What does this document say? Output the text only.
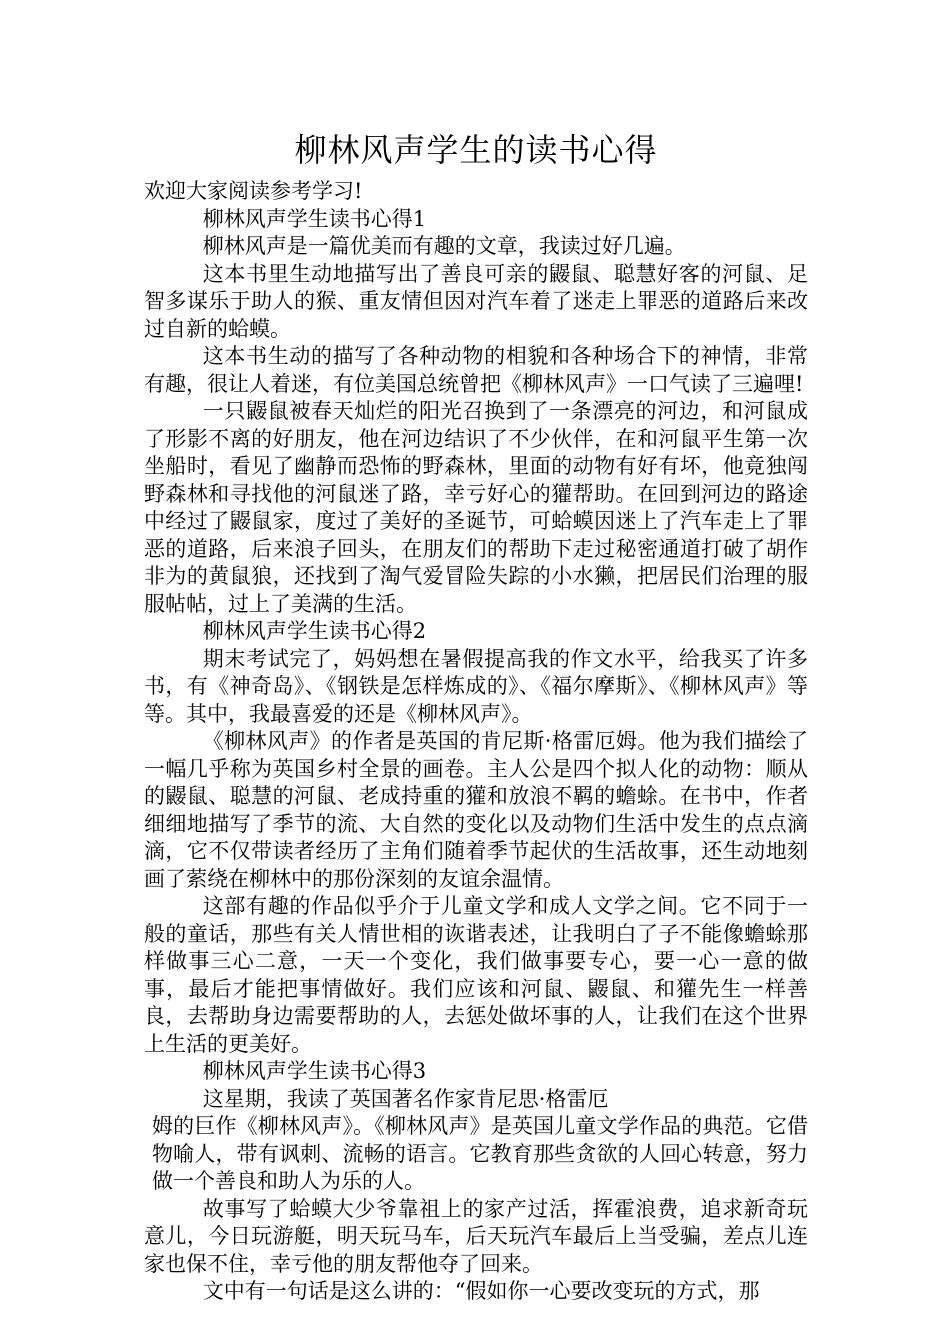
柳林风声学生的读书心得

欢迎大家阅读参考学习!

柳林风声学生读书心得1

柳林风声是一篇优美而有趣的文章，我读过好几遍。

这本书里生动地描写出了善良可亲的鼹鼠、聪慧好客的河鼠、足智多谋乐于助人的猴、重友情但因对汽车着了迷走上罪恶的道路后来改过自新的蛤蟆。

这本书生动的描写了各种动物的相貌和各种场合下的神情，非常有趣，很让人着迷，有位美国总统曾把《柳林风声》一口气读了三遍哩!

一只鼹鼠被春天灿烂的阳光召换到了一条漂亮的河边，和河鼠成了形影不离的好朋友，他在河边结识了不少伙伴，在和河鼠平生第一次坐船时，看见了幽静而恐怖的野森林，里面的动物有好有坏，他竟独闯野森林和寻找他的河鼠迷了路，幸亏好心的獾帮助。在回到河边的路途中经过了鼹鼠家，度过了美好的圣诞节，可蛤蟆因迷上了汽车走上了罪恶的道路，后来浪子回头，在朋友们的帮助下走过秘密通道打破了胡作非为的黄鼠狼，还找到了淘气爱冒险失踪的小水獭，把居民们治理的服服帖帖，过上了美满的生活。

柳林风声学生读书心得2

期末考试完了，妈妈想在暑假提高我的作文水平，给我买了许多书，有《神奇岛》、《钢铁是怎样炼成的》、《福尔摩斯》、《柳林风声》等等。其中，我最喜爱的还是《柳林风声》。

《柳林风声》的作者是英国的肯尼斯·格雷厄姆。他为我们描绘了一幅几乎称为英国乡村全景的画卷。主人公是四个拟人化的动物：顺从的鼹鼠、聪慧的河鼠、老成持重的獾和放浪不羁的蟾蜍。在书中，作者细细地描写了季节的流、大自然的变化以及动物们生活中发生的点点滴滴，它不仅带读者经历了主角们随着季节起伏的生活故事，还生动地刻画了萦绕在柳林中的那份深刻的友谊余温情。

这部有趣的作品似乎介于儿童文学和成人文学之间。它不同于一般的童话，那些有关人情世相的诙谐表述，让我明白了子不能像蟾蜍那样做事三心二意，一天一个变化，我们做事要专心，要一心一意的做事，最后才能把事情做好。我们应该和河鼠、鼹鼠、和獾先生一样善良，去帮助身边需要帮助的人，去惩处做坏事的人，让我们在这个世界上生活的更美好。

柳林风声学生读书心得3

这星期，我读了英国著名作家肯尼思·格雷厄

姆的巨作《柳林风声》。《柳林风声》是英国儿童文学作品的典范。它借物喻人，带有讽刺、流畅的语言。它教育那些贪欲的人回心转意，努力做一个善良和助人为乐的人。

故事写了蛤蟆大少爷靠祖上的家产过活，挥霍浪费，追求新奇玩意儿，今日玩游艇，明天玩马车，后天玩汽车最后上当受骗，差点儿连家也保不住，幸亏他的朋友帮他夺了回来。

文中有一句话是这么讲的：“假如你一心要改变玩的方式，那
